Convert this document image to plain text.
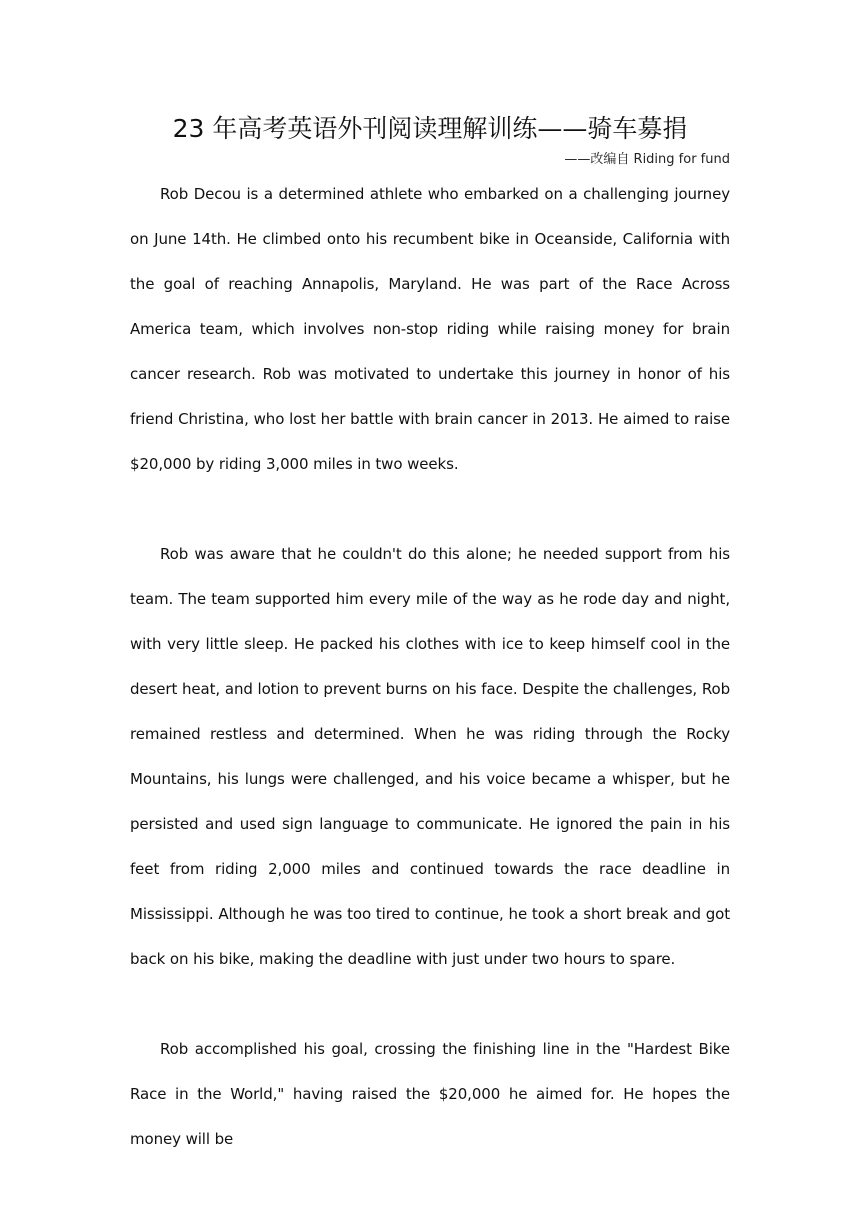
23 年高考英语外刊阅读理解训练——骑车募捐
——改编自 Riding for fund

Rob Decou is a determined athlete who embarked on a challenging journey on June 14th. He climbed onto his recumbent bike in Oceanside, California with the goal of reaching Annapolis, Maryland. He was part of the Race Across America team, which involves non-stop riding while raising money for brain cancer research. Rob was motivated to undertake this journey in honor of his friend Christina, who lost her battle with brain cancer in 2013. He aimed to raise $20,000 by riding 3,000 miles in two weeks.

Rob was aware that he couldn't do this alone; he needed support from his team. The team supported him every mile of the way as he rode day and night, with very little sleep. He packed his clothes with ice to keep himself cool in the desert heat, and lotion to prevent burns on his face. Despite the challenges, Rob remained restless and determined. When he was riding through the Rocky Mountains, his lungs were challenged, and his voice became a whisper, but he persisted and used sign language to communicate. He ignored the pain in his feet from riding 2,000 miles and continued towards the race deadline in Mississippi. Although he was too tired to continue, he took a short break and got back on his bike, making the deadline with just under two hours to spare.

Rob accomplished his goal, crossing the finishing line in the "Hardest Bike Race in the World," having raised the $20,000 he aimed for. He hopes the money will be
